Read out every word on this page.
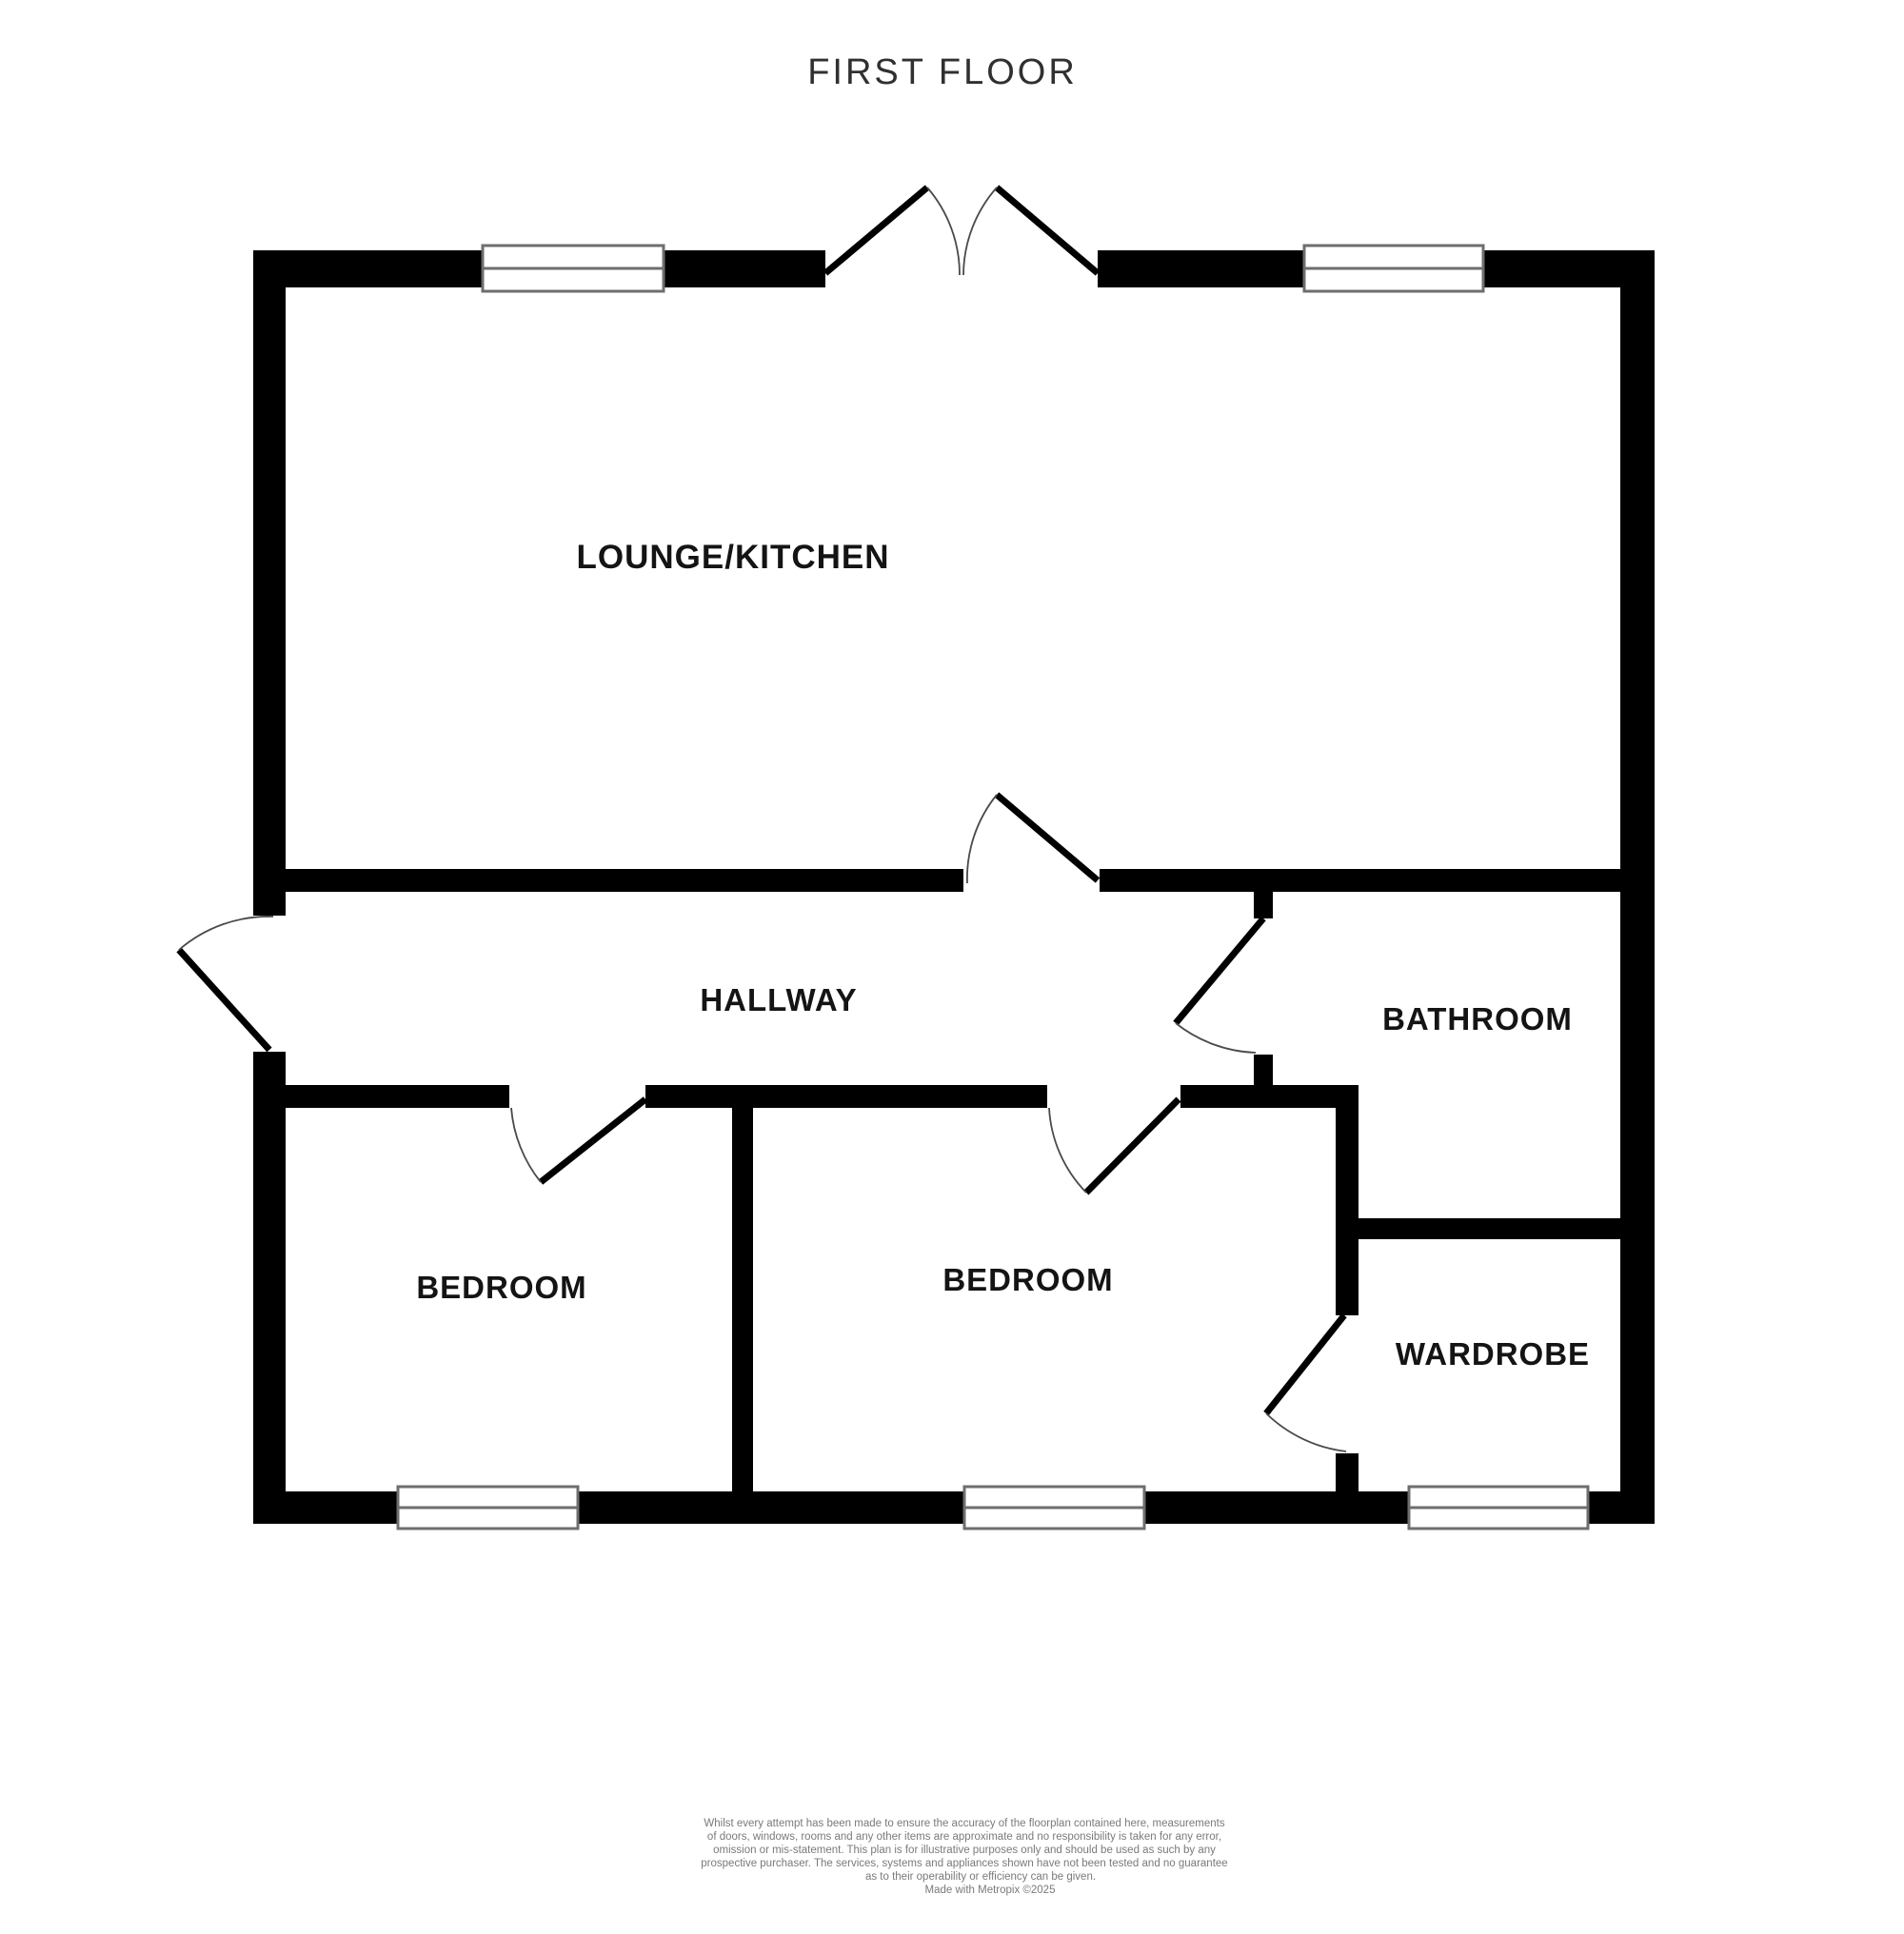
FIRST FLOOR
LOUNGE/KITCHEN
HALLWAY
BATHROOM
BEDROOM	BEDROOM
WARDROBE
Whilst every attempt has been made to ensure the accuracy of the floorplan contained here, measurements
of doors, windows, rooms and any other items are approximate and no responsibility is taken for any error,
omission or mis-statement. This plan is for illustrative purposes only and should be used as such by any
prospective purchaser. The services, systems and appliances shown have not been tested and no guarantee
as to their operability or efficiency can be given.
Made with Metropix ©2025
